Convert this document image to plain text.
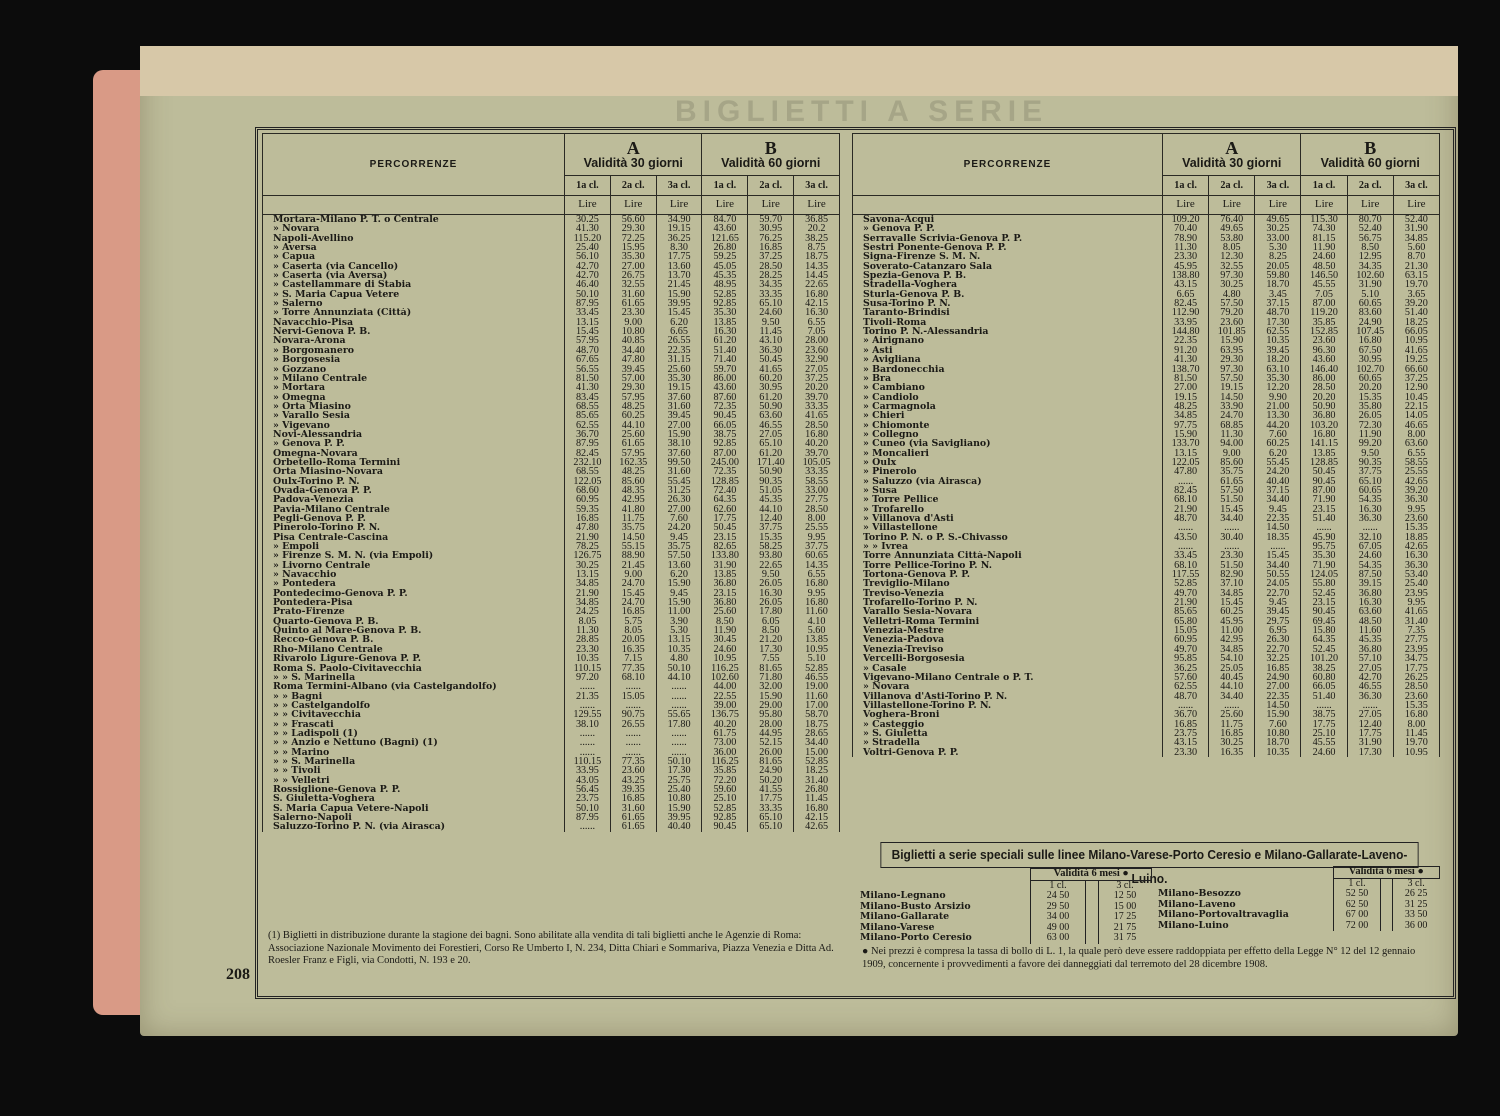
BIGLIETTI A SERIE
208
PERCORRENZE	A
Validità 30 giorni			B
Validità 60 giorni		

	1a cl.	2a cl.	3a cl.	1a cl.	2a cl.	3a cl.
	Lire	Lire	Lire	Lire	Lire	Lire
Mortara-Milano P. T. o Centrale	30.25	56.60	34.90	84.70	59.70	36.85
» Novara	41.30	29.30	19.15	43.60	30.95	20.2
Napoli-Avellino	115.20	72.25	36.25	121.65	76.25	38.25
» Aversa	25.40	15.95	8.30	26.80	16.85	8.75
» Capua	56.10	35.30	17.75	59.25	37.25	18.75
» Caserta (via Cancello)	42.70	27.00	13.60	45.05	28.50	14.35
» Caserta (via Aversa)	42.70	26.75	13.70	45.35	28.25	14.45
» Castellammare di Stabia	46.40	32.55	21.45	48.95	34.35	22.65
» S. Maria Capua Vetere	50.10	31.60	15.90	52.85	33.35	16.80
» Salerno	87.95	61.65	39.95	92.85	65.10	42.15
» Torre Annunziata (Città)	33.45	23.30	15.45	35.30	24.60	16.30
Navacchio-Pisa	13.15	9.00	6.20	13.85	9.50	6.55
Nervi-Genova P. B.	15.45	10.80	6.65	16.30	11.45	7.05
Novara-Arona	57.95	40.85	26.55	61.20	43.10	28.00
» Borgomanero	48.70	34.40	22.35	51.40	36.30	23.60
» Borgosesia	67.65	47.80	31.15	71.40	50.45	32.90
» Gozzano	56.55	39.45	25.60	59.70	41.65	27.05
» Milano Centrale	81.50	57.00	35.30	86.00	60.20	37.25
» Mortara	41.30	29.30	19.15	43.60	30.95	20.20
» Omegna	83.45	57.95	37.60	87.60	61.20	39.70
» Orta Miasino	68.55	48.25	31.60	72.35	50.90	33.35
» Varallo Sesia	85.65	60.25	39.45	90.45	63.60	41.65
» Vigevano	62.55	44.10	27.00	66.05	46.55	28.50
Novi-Alessandria	36.70	25.60	15.90	38.75	27.05	16.80
» Genova P. P.	87.95	61.65	38.10	92.85	65.10	40.20
Omegna-Novara	82.45	57.95	37.60	87.00	61.20	39.70
Orbetello-Roma Termini	232.10	162.35	99.50	245.00	171.40	105.05
Orta Miasino-Novara	68.55	48.25	31.60	72.35	50.90	33.35
Oulx-Torino P. N.	122.05	85.60	55.45	128.85	90.35	58.55
Ovada-Genova P. P.	68.60	48.35	31.25	72.40	51.05	33.00
Padova-Venezia	60.95	42.95	26.30	64.35	45.35	27.75
Pavia-Milano Centrale	59.35	41.80	27.00	62.60	44.10	28.50
Pegli-Genova P. P.	16.85	11.75	7.60	17.75	12.40	8.00
Pinerolo-Torino P. N.	47.80	35.75	24.20	50.45	37.75	25.55
Pisa Centrale-Cascina	21.90	14.50	9.45	23.15	15.35	9.95
» Empoli	78.25	55.15	35.75	82.65	58.25	37.75
» Firenze S. M. N. (via Empoli)	126.75	88.90	57.50	133.80	93.80	60.65
» Livorno Centrale	30.25	21.45	13.60	31.90	22.65	14.35
» Navacchio	13.15	9.00	6.20	13.85	9.50	6.55
» Pontedera	34.85	24.70	15.90	36.80	26.05	16.80
Pontedecimo-Genova P. P.	21.90	15.45	9.45	23.15	16.30	9.95
Pontedera-Pisa	34.85	24.70	15.90	36.80	26.05	16.80
Prato-Firenze	24.25	16.85	11.00	25.60	17.80	11.60
Quarto-Genova P. B.	8.05	5.75	3.90	8.50	6.05	4.10
Quinto al Mare-Genova P. B.	11.30	8.05	5.30	11.90	8.50	5.60
Recco-Genova P. B.	28.85	20.05	13.15	30.45	21.20	13.85
Rho-Milano Centrale	23.30	16.35	10.35	24.60	17.30	10.95
Rivarolo Ligure-Genova P. P.	10.35	7.15	4.80	10.95	7.55	5.10
Roma S. Paolo-Civitavecchia	110.15	77.35	50.10	116.25	81.65	52.85
» » S. Marinella	97.20	68.10	44.10	102.60	71.80	46.55
Roma Termini-Albano (via Castelgandolfo)	......	......	......	44.00	32.00	19.00
» » Bagni	21.35	15.05	......	22.55	15.90	11.60
» » Castelgandolfo	......	......	......	39.00	29.00	17.00
» » Civitavecchia	129.55	90.75	55.65	136.75	95.80	58.70
» » Frascati	38.10	26.55	17.80	40.20	28.00	18.75
» » Ladispoli (1)	......	......	......	61.75	44.95	28.65
» » Anzio e Nettuno (Bagni) (1)	......	......	......	73.00	52.15	34.40
» » Marino	......	......	......	36.00	26.00	15.00
» » S. Marinella	110.15	77.35	50.10	116.25	81.65	52.85
» » Tivoli	33.95	23.60	17.30	35.85	24.90	18.25
» » Velletri	43.05	43.25	25.75	72.20	50.20	31.40
Rossiglione-Genova P. P.	56.45	39.35	25.40	59.60	41.55	26.80
S. Giuletta-Voghera	23.75	16.85	10.80	25.10	17.75	11.45
S. Maria Capua Vetere-Napoli	50.10	31.60	15.90	52.85	33.35	16.80
Salerno-Napoli	87.95	61.65	39.95	92.85	65.10	42.15
Saluzzo-Torino P. N. (via Airasca)	......	61.65	40.40	90.45	65.10	42.65
PERCORRENZE	A
Validità 30 giorni			B
Validità 60 giorni		

	1a cl.	2a cl.	3a cl.	1a cl.	2a cl.	3a cl.
	Lire	Lire	Lire	Lire	Lire	Lire
Savona-Acqui	109.20	76.40	49.65	115.30	80.70	52.40
» Genova P. P.	70.40	49.65	30.25	74.30	52.40	31.90
Serravalle Scrivia-Genova P. P.	78.90	53.80	33.00	81.15	56.75	34.85
Sestri Ponente-Genova P. P.	11.30	8.05	5.30	11.90	8.50	5.60
Signa-Firenze S. M. N.	23.30	12.30	8.25	24.60	12.95	8.70
Soverato-Catanzaro Sala	45.95	32.55	20.05	48.50	34.35	21.30
Spezia-Genova P. B.	138.80	97.30	59.80	146.50	102.60	63.15
Stradella-Voghera	43.15	30.25	18.70	45.55	31.90	19.70
Sturla-Genova P. B.	6.65	4.80	3.45	7.05	5.10	3.65
Susa-Torino P. N.	82.45	57.50	37.15	87.00	60.65	39.20
Taranto-Brindisi	112.90	79.20	48.70	119.20	83.60	51.40
Tivoli-Roma	33.95	23.60	17.30	35.85	24.90	18.25
Torino P. N.-Alessandria	144.80	101.85	62.55	152.85	107.45	66.05
» Airignano	22.35	15.90	10.35	23.60	16.80	10.95
» Asti	91.20	63.95	39.45	96.30	67.50	41.65
» Avigliana	41.30	29.30	18.20	43.60	30.95	19.25
» Bardonecchia	138.70	97.30	63.10	146.40	102.70	66.60
» Bra	81.50	57.50	35.30	86.00	60.65	37.25
» Cambiano	27.00	19.15	12.20	28.50	20.20	12.90
» Candiolo	19.15	14.50	9.90	20.20	15.35	10.45
» Carmagnola	48.25	33.90	21.00	50.90	35.80	22.15
» Chieri	34.85	24.70	13.30	36.80	26.05	14.05
» Chiomonte	97.75	68.85	44.20	103.20	72.30	46.65
» Collegno	15.90	11.30	7.60	16.80	11.90	8.00
» Cuneo (via Savigliano)	133.70	94.00	60.25	141.15	99.20	63.60
» Moncalieri	13.15	9.00	6.20	13.85	9.50	6.55
» Oulx	122.05	85.60	55.45	128.85	90.35	58.55
» Pinerolo	47.80	35.75	24.20	50.45	37.75	25.55
» Saluzzo (via Airasca)	......	61.65	40.40	90.45	65.10	42.65
» Susa	82.45	57.50	37.15	87.00	60.65	39.20
» Torre Pellice	68.10	51.50	34.40	71.90	54.35	36.30
» Trofarello	21.90	15.45	9.45	23.15	16.30	9.95
» Villanova d'Asti	48.70	34.40	22.35	51.40	36.30	23.60
» Villastellone	......	......	14.50	......	......	15.35
Torino P. N. o P. S.-Chivasso	43.50	30.40	18.35	45.90	32.10	18.85
» » Ivrea	......	......	......	95.75	67.05	42.65
Torre Annunziata Città-Napoli	33.45	23.30	15.45	35.30	24.60	16.30
Torre Pellice-Torino P. N.	68.10	51.50	34.40	71.90	54.35	36.30
Tortona-Genova P. P.	117.55	82.90	50.55	124.05	87.50	53.40
Treviglio-Milano	52.85	37.10	24.05	55.80	39.15	25.40
Treviso-Venezia	49.70	34.85	22.70	52.45	36.80	23.95
Trofarello-Torino P. N.	21.90	15.45	9.45	23.15	16.30	9.95
Varallo Sesia-Novara	85.65	60.25	39.45	90.45	63.60	41.65
Velletri-Roma Termini	65.80	45.95	29.75	69.45	48.50	31.40
Venezia-Mestre	15.05	11.00	6.95	15.80	11.60	7.35
Venezia-Padova	60.95	42.95	26.30	64.35	45.35	27.75
Venezia-Treviso	49.70	34.85	22.70	52.45	36.80	23.95
Vercelli-Borgosesia	95.85	54.10	32.25	101.20	57.10	34.75
» Casale	36.25	25.05	16.85	38.25	27.05	17.75
Vigevano-Milano Centrale o P. T.	57.60	40.45	24.90	60.80	42.70	26.25
» Novara	62.55	44.10	27.00	66.05	46.55	28.50
Villanova d'Asti-Torino P. N.	48.70	34.40	22.35	51.40	36.30	23.60
Villastellone-Torino P. N.	......	......	14.50	......	......	15.35
Voghera-Broni	36.70	25.60	15.90	38.75	27.05	16.80
» Casteggio	16.85	11.75	7.60	17.75	12.40	8.00
» S. Giuletta	23.75	16.85	10.80	25.10	17.75	11.45
» Stradella	43.15	30.25	18.70	45.55	31.90	19.70
Voltri-Genova P. P.	23.30	16.35	10.35	24.60	17.30	10.95
(1) Biglietti in distribuzione durante la stagione dei bagni. Sono abilitate alla vendita di tali biglietti anche le Agenzie di Roma: Associazione Nazionale Movimento dei Forestieri, Corso Re Umberto I, N. 234, Ditta Chiari e Sommariva, Piazza Venezia e Ditta Ad. Roesler Franz e Figli, via Condotti, N. 193 e 20.
Biglietti a serie speciali sulle linee Milano-Varese-Porto Ceresio e Milano-Gallarate-Laveno-Luino.
	Validità 6 mesi ●		
	1 cl.		3 cl.
Milano-Legnano	24 50		12 50
Milano-Busto Arsizio	29 50		15 00
Milano-Gallarate	34 00		17 25
Milano-Varese	49 00		21 75
Milano-Porto Ceresio	63 00		31 75
	Validità 6 mesi ●		
	1 cl.		3 cl.
Milano-Besozzo	52 50		26 25
Milano-Laveno	62 50		31 25
Milano-Portovaltravaglia	67 00		33 50
Milano-Luino	72 00		36 00
● Nei prezzi è compresa la tassa di bollo di L. 1, la quale però deve essere raddoppiata per effetto della Legge N° 12 del 12 gennaio 1909, concernente i provvedimenti a favore dei danneggiati dal terremoto del 28 dicembre 1908.
